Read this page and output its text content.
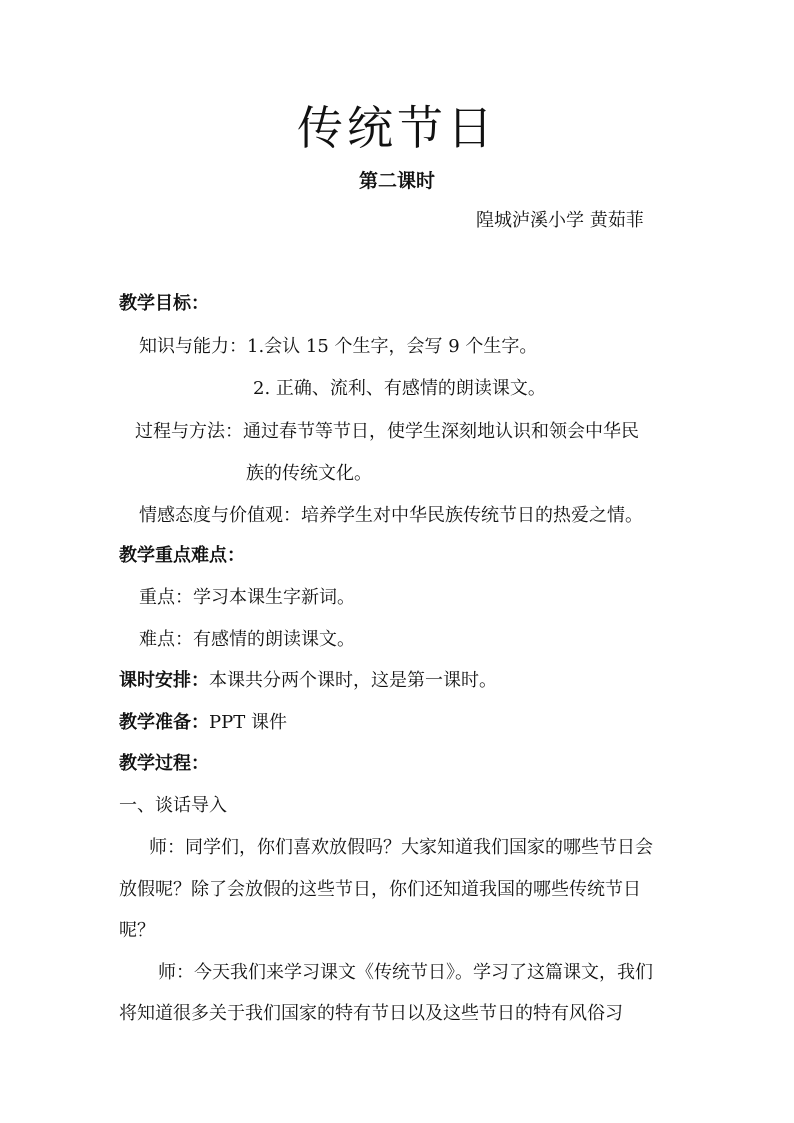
传统节日
第二课时
隍城泸溪小学 黄茹菲
教学目标：
知识与能力：1.会认 15 个生字，会写 9 个生字。
2. 正确、流利、有感情的朗读课文。
过程与方法：通过春节等节日，使学生深刻地认识和领会中华民
族的传统文化。
情感态度与价值观：培养学生对中华民族传统节日的热爱之情。
教学重点难点：
重点：学习本课生字新词。
难点：有感情的朗读课文。
课时安排：本课共分两个课时，这是第一课时。
教学准备：PPT 课件
教学过程：
一、谈话导入
师：同学们，你们喜欢放假吗？大家知道我们国家的哪些节日会
放假呢？除了会放假的这些节日，你们还知道我国的哪些传统节日
呢？
师：今天我们来学习课文《传统节日》。学习了这篇课文，我们
将知道很多关于我们国家的特有节日以及这些节日的特有风俗习
